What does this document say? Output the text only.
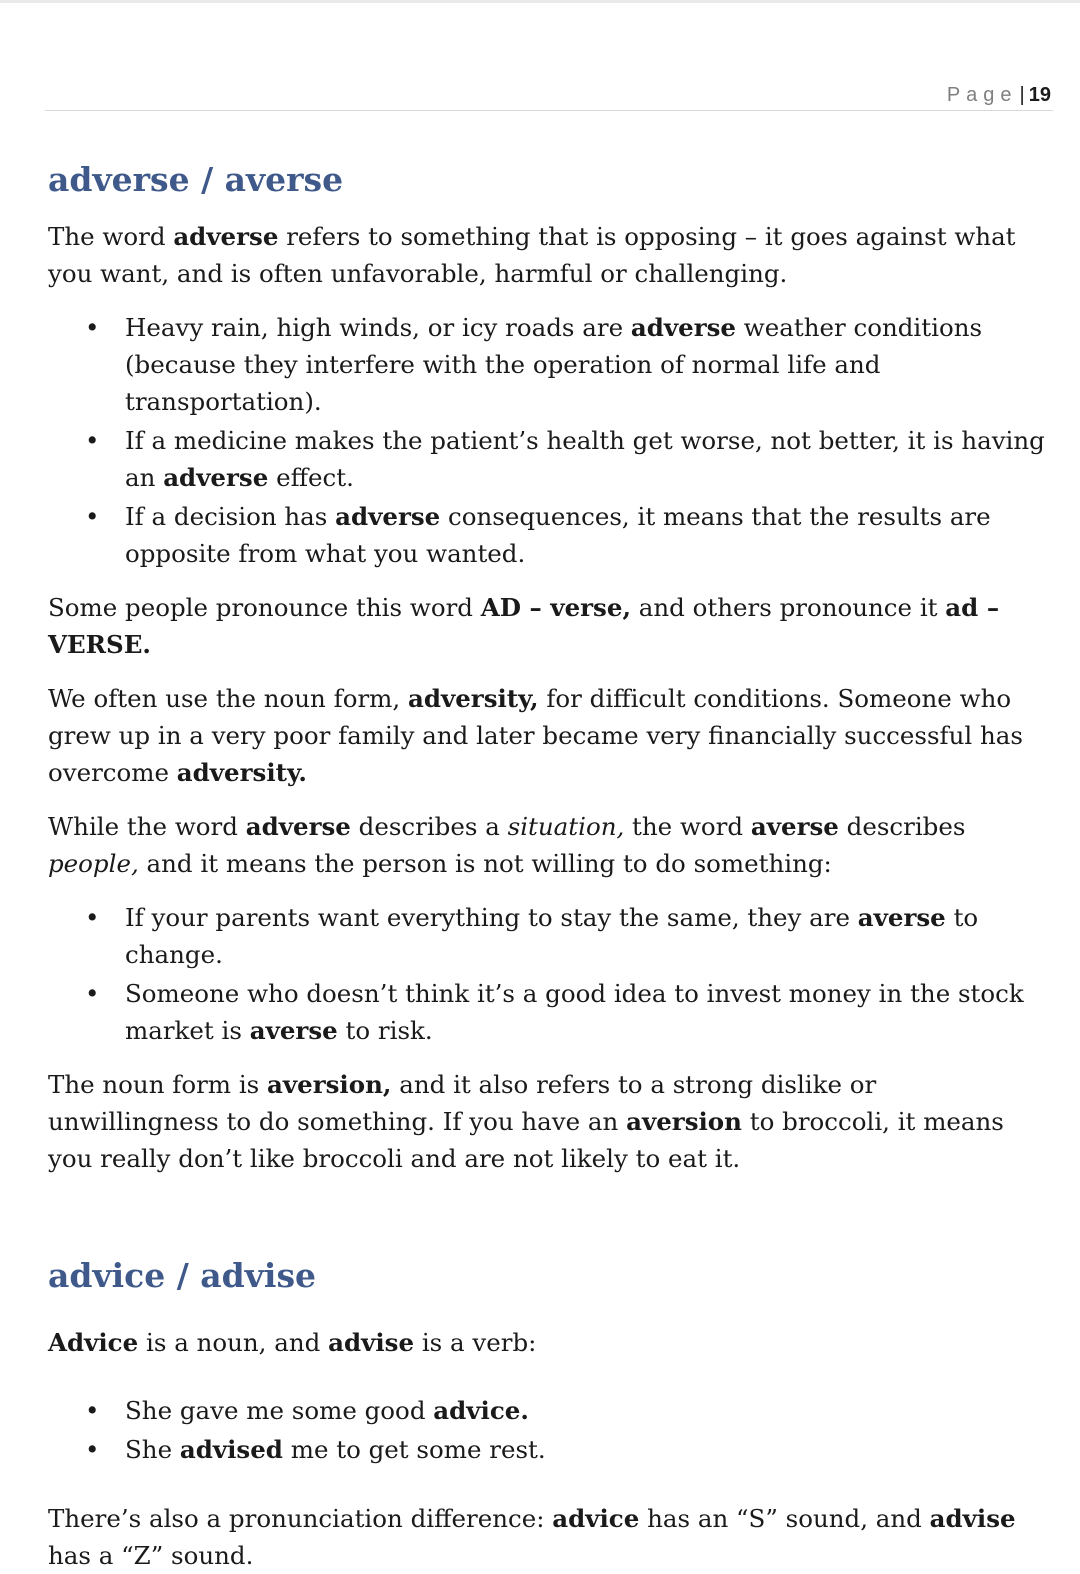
Page | 19
adverse / averse

The word adverse refers to something that is opposing – it goes against what you want, and is often unfavorable, harmful or challenging.

• Heavy rain, high winds, or icy roads are adverse weather conditions (because they interfere with the operation of normal life and transportation).
• If a medicine makes the patient’s health get worse, not better, it is having an adverse effect.
• If a decision has adverse consequences, it means that the results are opposite from what you wanted.

Some people pronounce this word AD – verse, and others pronounce it ad – VERSE.

We often use the noun form, adversity, for difficult conditions. Someone who grew up in a very poor family and later became very financially successful has overcome adversity.

While the word adverse describes a situation, the word averse describes people, and it means the person is not willing to do something:

• If your parents want everything to stay the same, they are averse to change.
• Someone who doesn’t think it’s a good idea to invest money in the stock market is averse to risk.

The noun form is aversion, and it also refers to a strong dislike or unwillingness to do something. If you have an aversion to broccoli, it means you really don’t like broccoli and are not likely to eat it.

advice / advise

Advice is a noun, and advise is a verb:

• She gave me some good advice.
• She advised me to get some rest.

There’s also a pronunciation difference: advice has an “S” sound, and advise has a “Z” sound.
